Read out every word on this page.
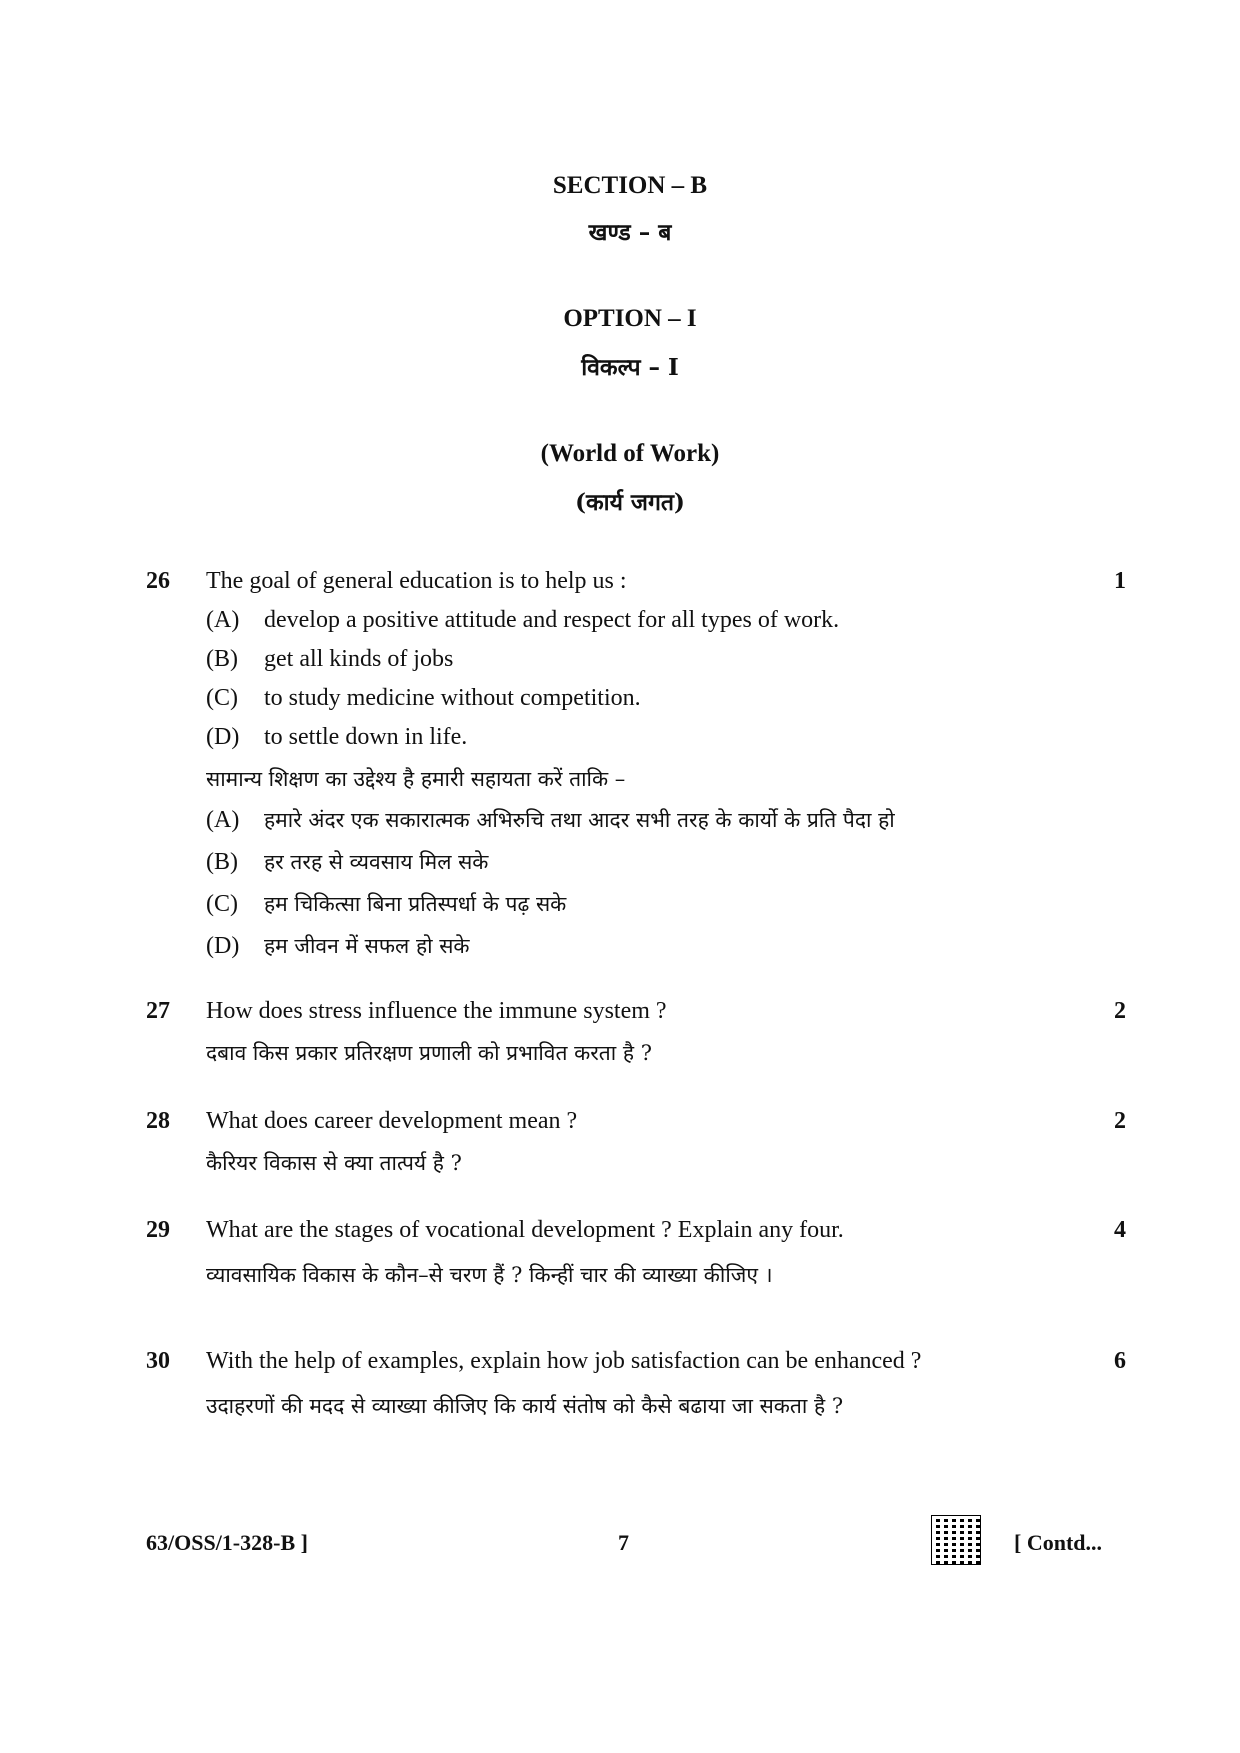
SECTION – B
खण्ड – ब
OPTION – I
विकल्प – I
(World of Work)
(कार्य जगत)
26 The goal of general education is to help us :
(A) develop a positive attitude and respect for all types of work.
(B) get all kinds of jobs
(C) to study medicine without competition.
(D) to settle down in life.
सामान्य शिक्षण का उद्देश्य है हमारी सहायता करें ताकि –
(A) हमारे अंदर एक सकारात्मक अभिरुचि तथा आदर सभी तरह के कार्यो के प्रति पैदा हो
(B) हर तरह से व्यवसाय मिल सके
(C) हम चिकित्सा बिना प्रतिस्पर्धा के पढ़ सके
(D) हम जीवन में सफल हो सके
1
27 How does stress influence the immune system ?
दबाव किस प्रकार प्रतिरक्षण प्रणाली को प्रभावित करता है ?
2
28 What does career development mean ?
कैरियर विकास से क्या तात्पर्य है ?
2
29 What are the stages of vocational development ? Explain any four.
व्यावसायिक विकास के कौन–से चरण हैं ? किन्हीं चार की व्याख्या कीजिए ।
4
30 With the help of examples, explain how job satisfaction can be enhanced ?
उदाहरणों की मदद से व्याख्या कीजिए कि कार्य संतोष को कैसे बढाया जा सकता है ?
6
63/OSS/1-328-B ]	7	[ Contd...
